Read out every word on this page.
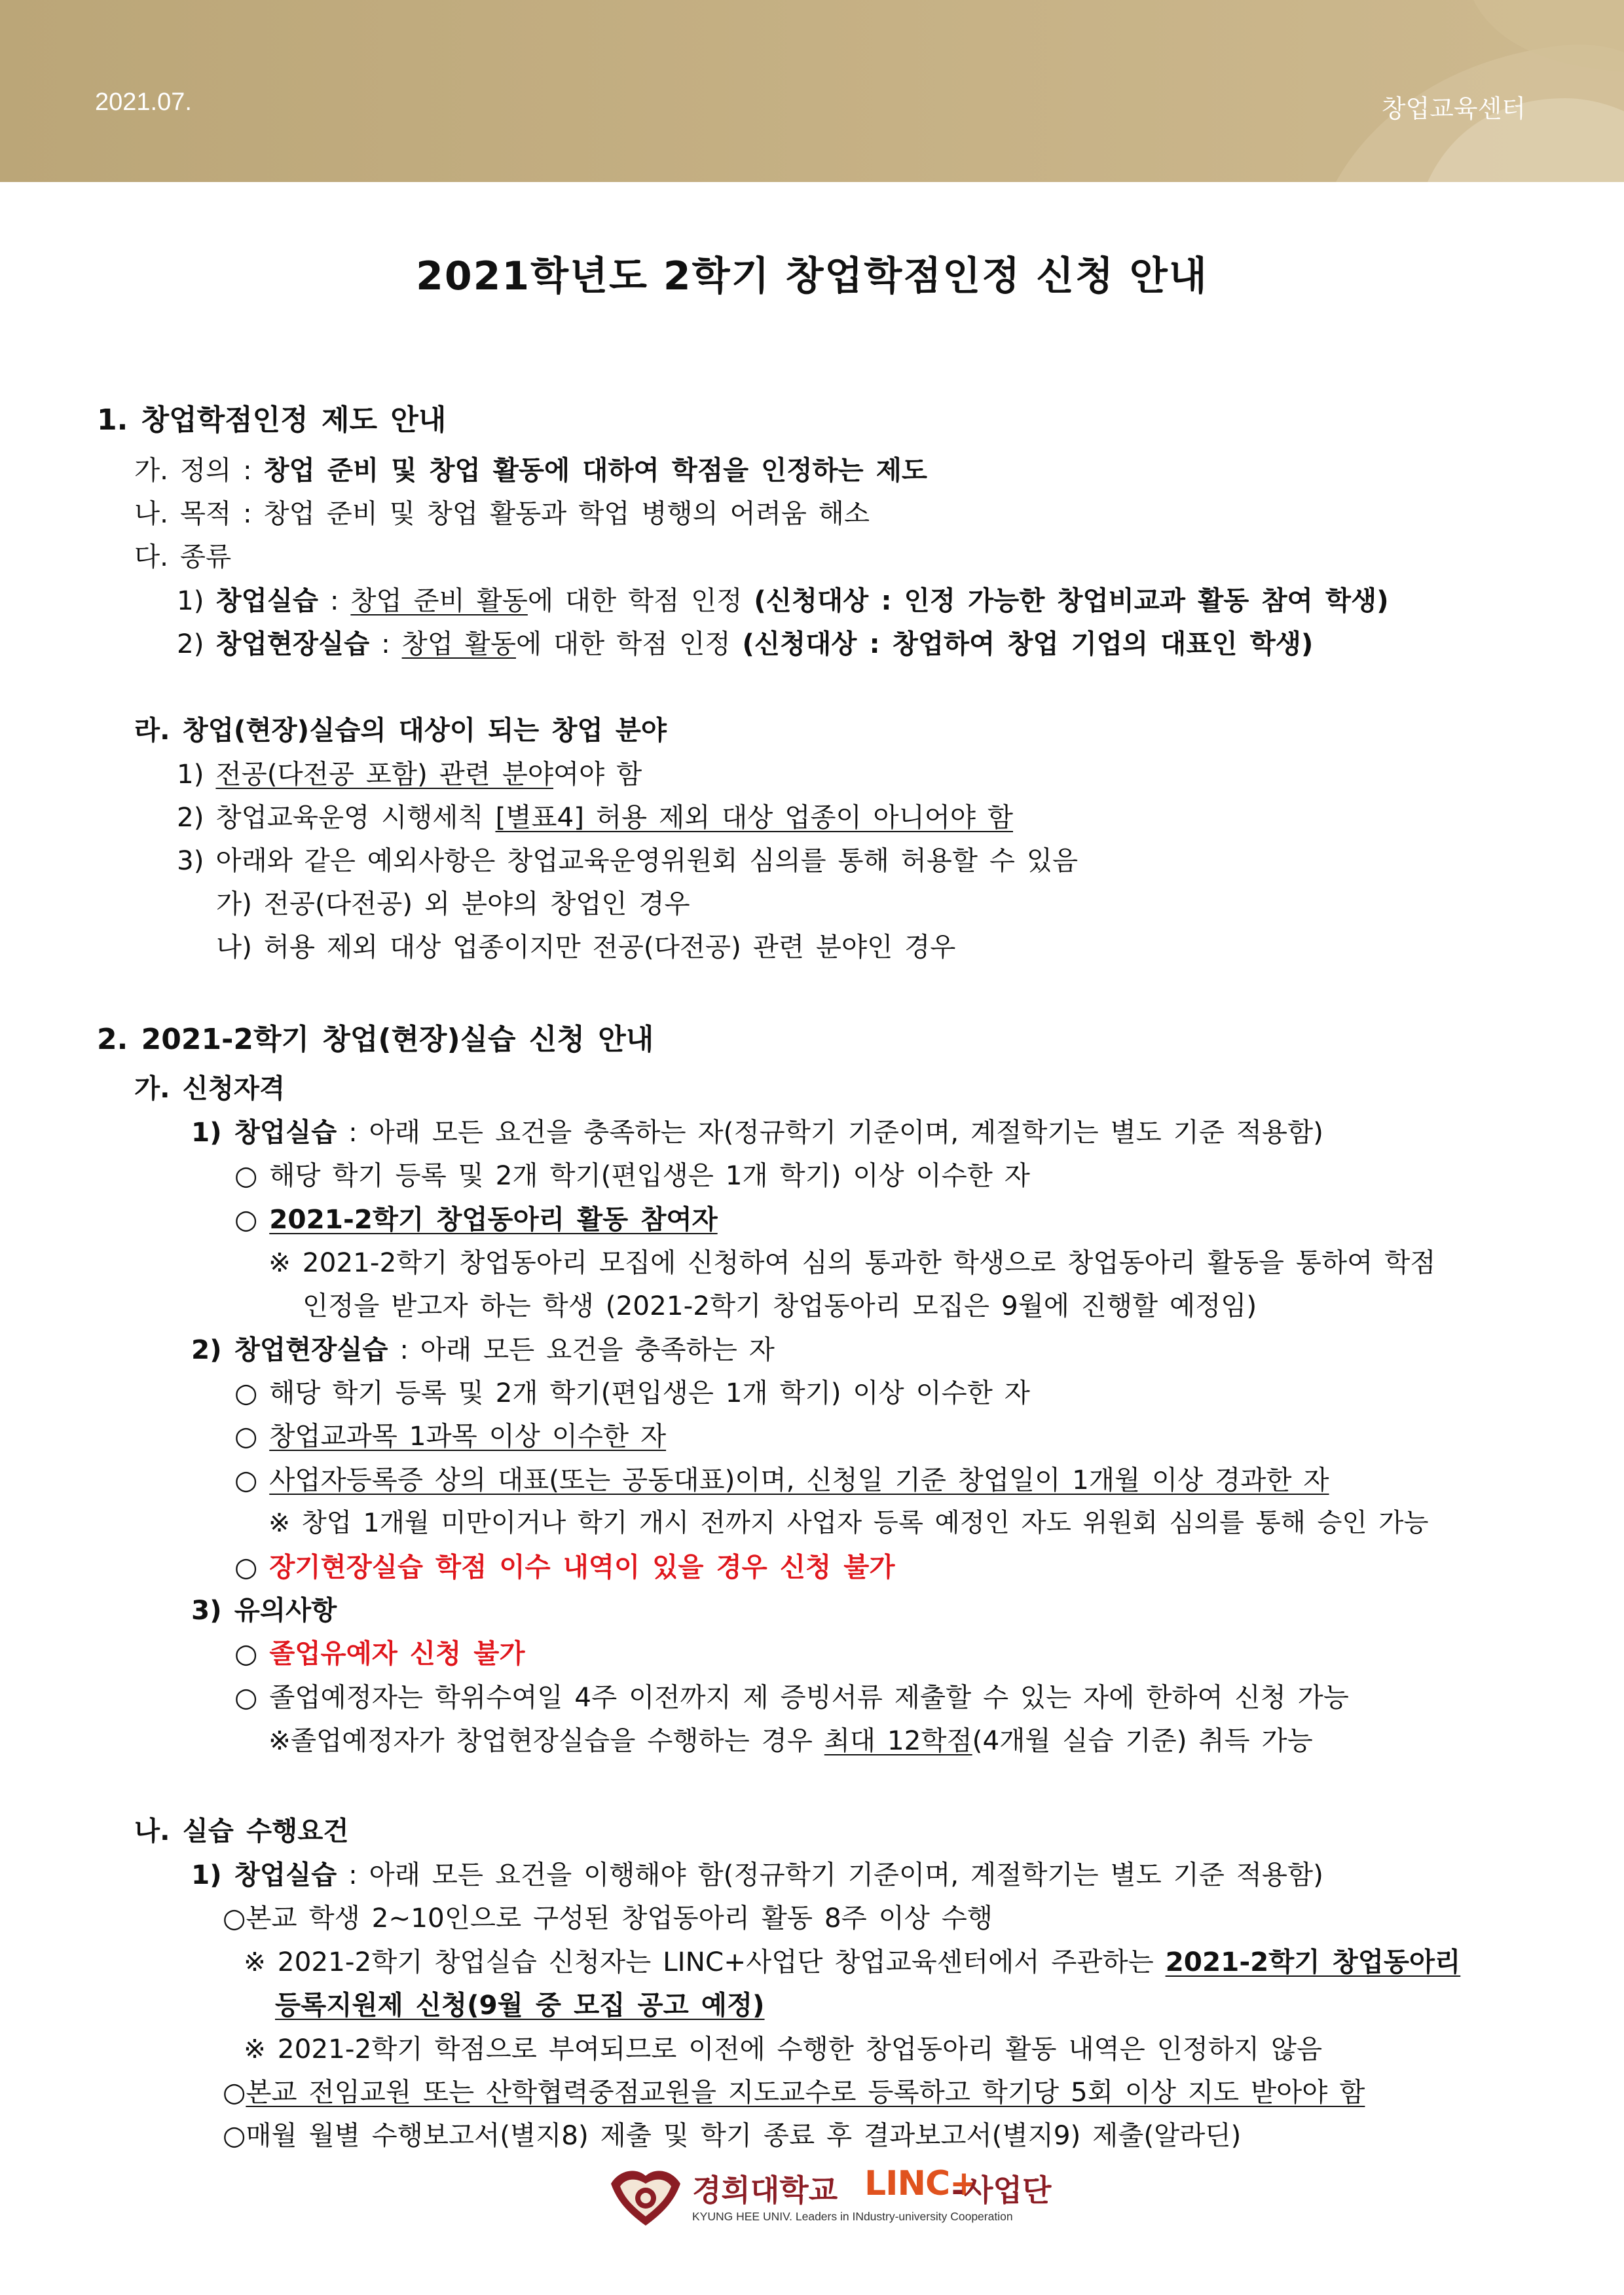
2021.07.	창업교육센터
2021학년도 2학기 창업학점인정 신청 안내
1. 창업학점인정 제도 안내
가. 정의 : 창업 준비 및 창업 활동에 대하여 학점을 인정하는 제도
나. 목적 : 창업 준비 및 창업 활동과 학업 병행의 어려움 해소
다. 종류
1) 창업실습 : 창업 준비 활동에 대한 학점 인정 (신청대상 : 인정 가능한 창업비교과 활동 참여 학생)
2) 창업현장실습 : 창업 활동에 대한 학점 인정 (신청대상 : 창업하여 창업 기업의 대표인 학생)
라. 창업(현장)실습의 대상이 되는 창업 분야
1) 전공(다전공 포함) 관련 분야여야 함
2) 창업교육운영 시행세칙 [별표4] 허용 제외 대상 업종이 아니어야 함
3) 아래와 같은 예외사항은 창업교육운영위원회 심의를 통해 허용할 수 있음
가) 전공(다전공) 외 분야의 창업인 경우
나) 허용 제외 대상 업종이지만 전공(다전공) 관련 분야인 경우
2. 2021-2학기 창업(현장)실습 신청 안내
가. 신청자격
1) 창업실습 : 아래 모든 요건을 충족하는 자(정규학기 기준이며, 계절학기는 별도 기준 적용함)
○ 해당 학기 등록 및 2개 학기(편입생은 1개 학기) 이상 이수한 자
○ 2021-2학기 창업동아리 활동 참여자
※ 2021-2학기 창업동아리 모집에 신청하여 심의 통과한 학생으로 창업동아리 활동을 통하여 학점
인정을 받고자 하는 학생 (2021-2학기 창업동아리 모집은 9월에 진행할 예정임)
2) 창업현장실습 : 아래 모든 요건을 충족하는 자
○ 해당 학기 등록 및 2개 학기(편입생은 1개 학기) 이상 이수한 자
○ 창업교과목 1과목 이상 이수한 자
○ 사업자등록증 상의 대표(또는 공동대표)이며, 신청일 기준 창업일이 1개월 이상 경과한 자
※ 창업 1개월 미만이거나 학기 개시 전까지 사업자 등록 예정인 자도 위원회 심의를 통해 승인 가능
○ 장기현장실습 학점 이수 내역이 있을 경우 신청 불가
3) 유의사항
○ 졸업유예자 신청 불가
○ 졸업예정자는 학위수여일 4주 이전까지 제 증빙서류 제출할 수 있는 자에 한하여 신청 가능
※졸업예정자가 창업현장실습을 수행하는 경우 최대 12학점(4개월 실습 기준) 취득 가능
나. 실습 수행요건
1) 창업실습 : 아래 모든 요건을 이행해야 함(정규학기 기준이며, 계절학기는 별도 기준 적용함)
○본교 학생 2~10인으로 구성된 창업동아리 활동 8주 이상 수행
※ 2021-2학기 창업실습 신청자는 LINC+사업단 창업교육센터에서 주관하는 2021-2학기 창업동아리
등록지원제 신청(9월 중 모집 공고 예정)
※ 2021-2학기 학점으로 부여되므로 이전에 수행한 창업동아리 활동 내역은 인정하지 않음
○본교 전임교원 또는 산학협력중점교원을 지도교수로 등록하고 학기당 5회 이상 지도 받아야 함
○매월 월별 수행보고서(별지8) 제출 및 학기 종료 후 결과보고서(별지9) 제출(알라딘)
경희대학교 LINC+
-사업단
KYUNG HEE UNIV. Leaders in INdustry-university Cooperation
